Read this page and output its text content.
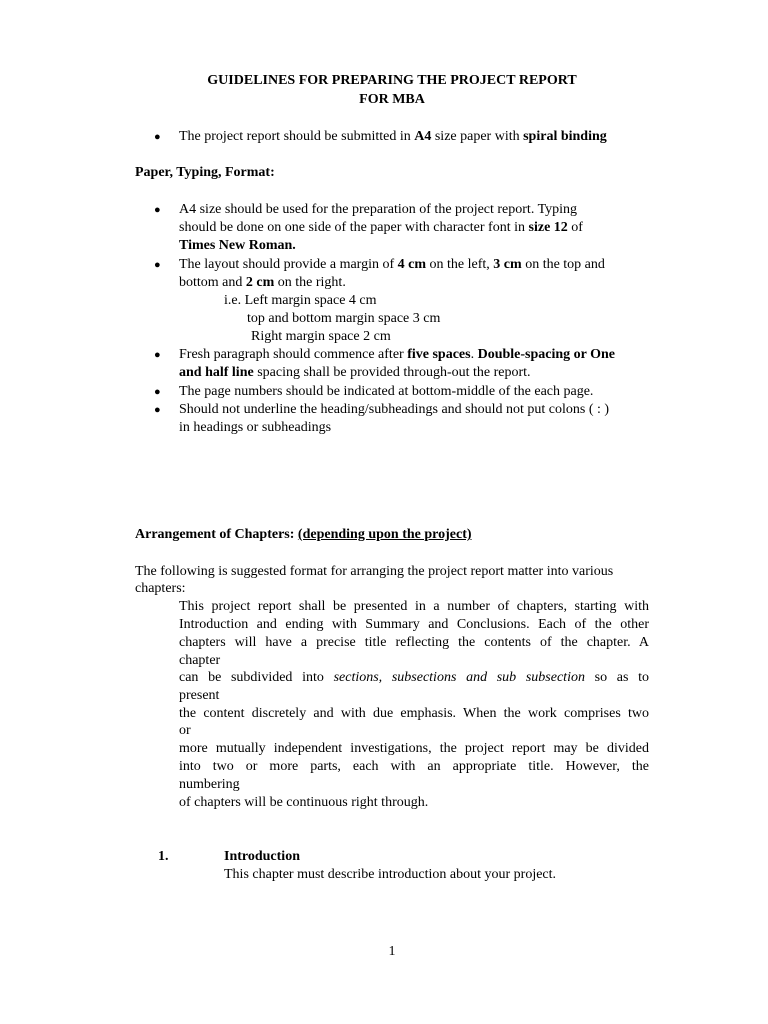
GUIDELINES FOR PREPARING THE PROJECT REPORT
FOR MBA
● The project report should be submitted in A4 size paper with spiral binding
Paper, Typing, Format:
● A4 size should be used for the preparation of the project report. Typing
should be done on one side of the paper with character font in size 12 of
Times New Roman.
● The layout should provide a margin of 4 cm on the left, 3 cm on the top and
bottom and 2 cm on the right.
i.e. Left margin space 4 cm
top and bottom margin space 3 cm
Right margin space 2 cm
● Fresh paragraph should commence after five spaces. Double-spacing or One
and half line spacing shall be provided through-out the report.
● The page numbers should be indicated at bottom-middle of the each page.
● Should not underline the heading/subheadings and should not put colons ( : )
in headings or subheadings
Arrangement of Chapters: (depending upon the project)
The following is suggested format for arranging the project report matter into various
chapters:
This project report shall be presented in a number of chapters, starting with
Introduction and ending with Summary and Conclusions. Each of the other
chapters will have a precise title reflecting the contents of the chapter. A
chapter
can be subdivided into sections, subsections and sub subsection so as to
present
the content discretely and with due emphasis. When the work comprises two
or
more mutually independent investigations, the project report may be divided
into two or more parts, each with an appropriate title. However, the
numbering
of chapters will be continuous right through.
1.	Introduction
This chapter must describe introduction about your project.
1
